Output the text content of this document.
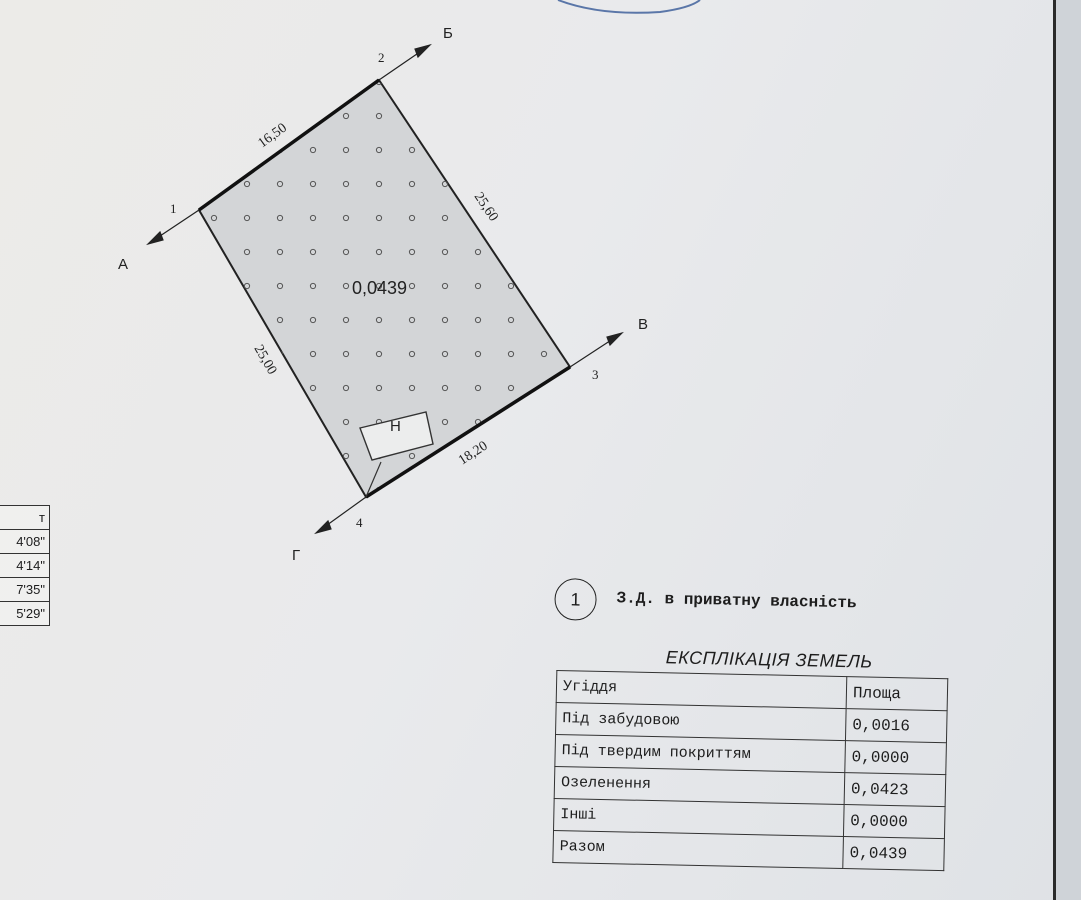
Н
0,0439
16,50
25,60
18,20
25,00
1
2
3
4
А
Б
В
Г
т
4'08"
4'14"
7'35"
5'29"
1	З.Д. в приватну власність
ЕКСПЛІКАЦІЯ ЗЕМЕЛЬ
Угіддя	Площа
Під забудовою	0,0016
Під твердим покриттям	0,0000
Озеленення	0,0423
Інші	0,0000
Разом	0,0439
